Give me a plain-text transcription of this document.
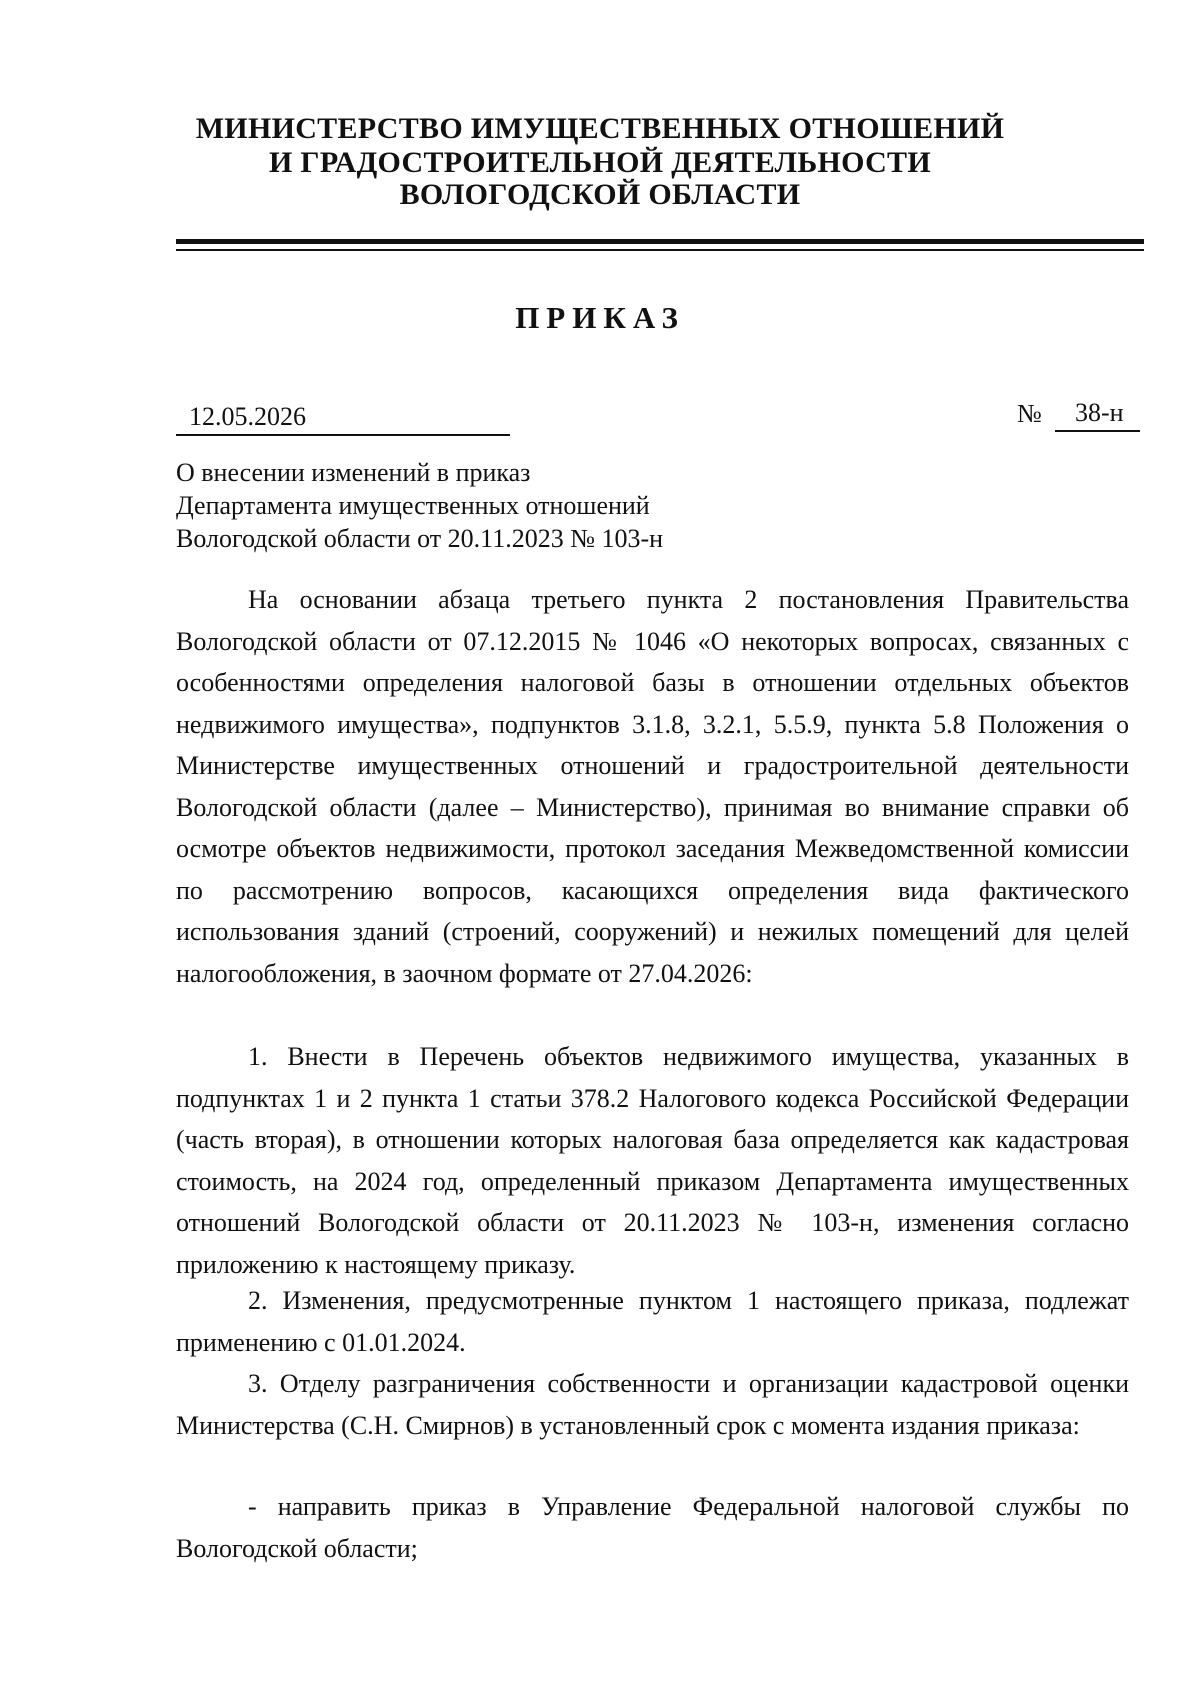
МИНИСТЕРСТВО ИМУЩЕСТВЕННЫХ ОТНОШЕНИЙ
И ГРАДОСТРОИТЕЛЬНОЙ ДЕЯТЕЛЬНОСТИ
ВОЛОГОДСКОЙ ОБЛАСТИ
ПРИКАЗ
12.05.2026	№ 38-н
О внесении изменений в приказ
Департамента имущественных отношений
Вологодской области от 20.11.2023 № 103-н

На основании абзаца третьего пункта 2 постановления Правительства Вологодской области от 07.12.2015 № 1046 «О некоторых вопросах, связанных с особенностями определения налоговой базы в отношении отдельных объектов недвижимого имущества», подпунктов 3.1.8, 3.2.1, 5.5.9, пункта 5.8 Положения о Министерстве имущественных отношений и градостроительной деятельности Вологодской области (далее – Министерство), принимая во внимание справки об осмотре объектов недвижимости, протокол заседания Межведомственной комиссии по рассмотрению вопросов, касающихся определения вида фактического использования зданий (строений, сооружений) и нежилых помещений для целей налогообложения, в заочном формате от 27.04.2026:

1. Внести в Перечень объектов недвижимого имущества, указанных в подпунктах 1 и 2 пункта 1 статьи 378.2 Налогового кодекса Российской Федерации (часть вторая), в отношении которых налоговая база определяется как кадастровая стоимость, на 2024 год, определенный приказом Департамента имущественных отношений Вологодской области от 20.11.2023 № 103-н, изменения согласно приложению к настоящему приказу.

2. Изменения, предусмотренные пунктом 1 настоящего приказа, подлежат применению с 01.01.2024.

3. Отделу разграничения собственности и организации кадастровой оценки Министерства (С.Н. Смирнов) в установленный срок с момента издания приказа:

- направить приказ в Управление Федеральной налоговой службы по Вологодской области;
